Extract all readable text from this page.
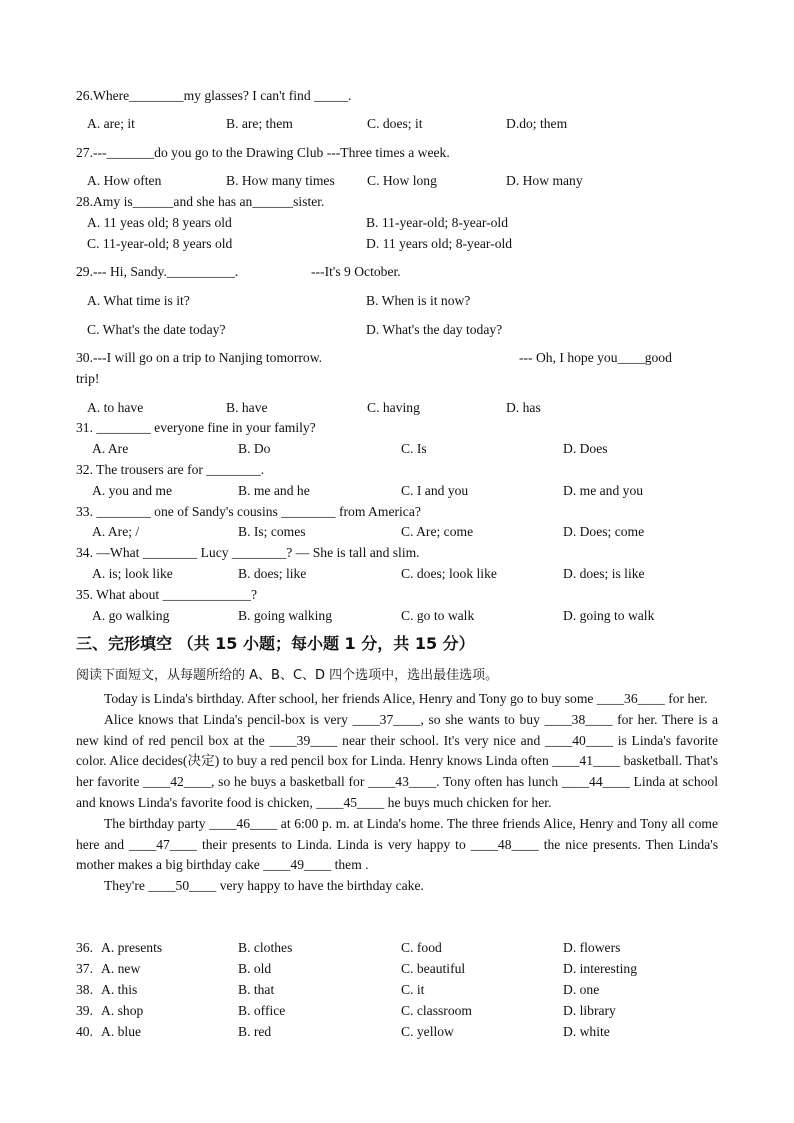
26.Where________my glasses? I can't find _____.
A. are; it	B. are; them	C. does; it	D.do; them
27.---_______do you go to the Drawing Club ---Three times a week.
A. How often	B. How many times C. How long	D. How many
28.Amy is______and she has an______sister.
A. 11 yeas old; 8 years old	B. 11-year-old; 8-year-old
C. 11-year-old; 8 years old	D. 11 years old; 8-year-old
29.--- Hi, Sandy.__________.	---It's 9 October.
A. What time is it?	B. When is it now?
C. What's the date today?	D. What's the day today?
30.---I will go on a trip to Nanjing tomorrow.	--- Oh, I hope you____good
trip!
A. to have	B. have	C. having	D. has
31. ________ everyone fine in your family?
A. Are	B. Do	C. Is	D. Does
32. The trousers are for ________.
A. you and me	B. me and he	C. I and you	D. me and you
33. ________ one of Sandy's cousins ________ from America?
A. Are; /	B. Is; comes	C. Are; come	D. Does; come
34. —What ________ Lucy ________? — She is tall and slim.
A. is; look like	B. does; like	C. does; look like	D. does; is like
35. What about _____________?
A. go walking	B. going walking	C. go to walk	D. going to walk
三、完形填空 （共 15 小题；每小题 1 分，共 15 分）
阅读下面短文，从每题所给的 A、B、C、D 四个选项中，选出最佳选项。

Today is Linda's birthday. After school, her friends Alice, Henry and Tony go to buy some ____36____ for her.

Alice knows that Linda's pencil-box is very ____37____, so she wants to buy ____38____ for her. There is a new kind of red pencil box at the ____39____ near their school. It's very nice and ____40____ is Linda's favorite color. Alice decides(决定) to buy a red pencil box for Linda. Henry knows Linda often ____41____ basketball. That's her favorite ____42____, so he buys a basketball for ____43____. Tony often has lunch ____44____ Linda at school and knows Linda's favorite food is chicken, ____45____ he buys much chicken for her.

The birthday party ____46____ at 6:00 p. m. at Linda's home. The three friends Alice, Henry and Tony all come here and ____47____ their presents to Linda. Linda is very happy to ____48____ the nice presents. Then Linda's mother makes a big birthday cake ____49____ them .

They're ____50____ very happy to have the birthday cake.

36. A. presents	B. clothes	C. food	D. flowers
37. A. new	B. old	C. beautiful	D. interesting
38. A. this	B. that	C. it	D. one
39. A. shop	B. office	C. classroom	D. library
40. A. blue	B. red	C. yellow	D. white
